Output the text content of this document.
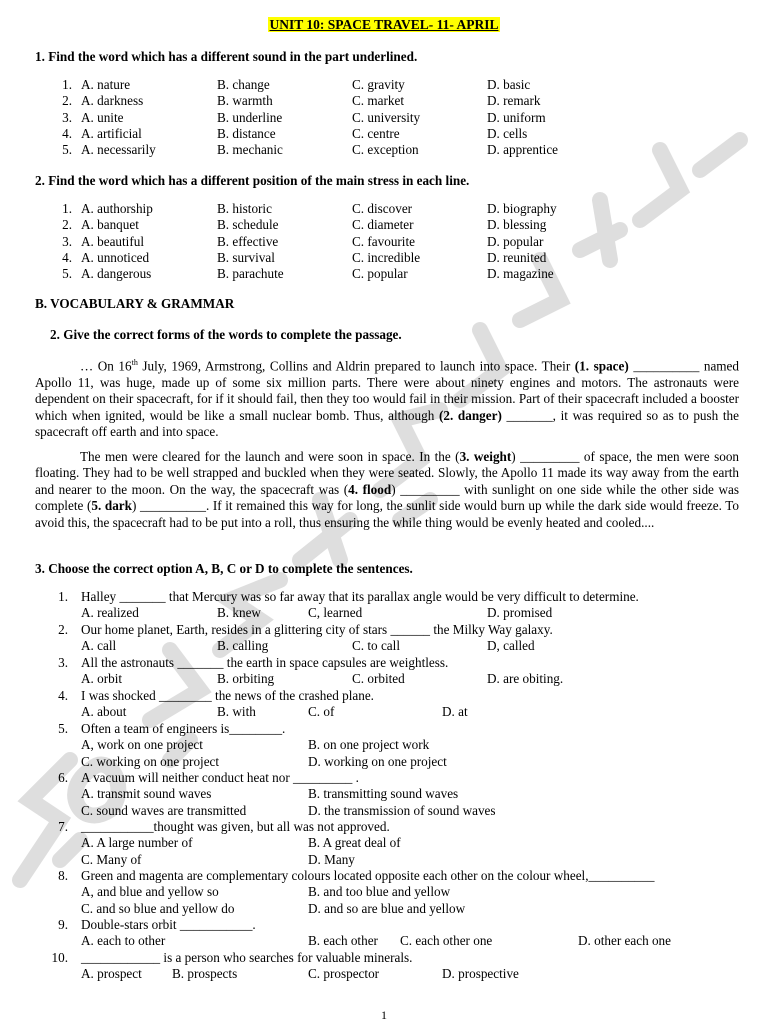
UNIT 10: SPACE TRAVEL- 11- APRIL
1. Find the word which has a different sound in the part underlined.
1. A. nature	B. change	C. gravity	D. basic
2. A. darkness	B. warmth	C. market	D. remark
3. A. unite	B. underline	C. university	D. uniform
4. A. artificial	B. distance	C. centre	D. cells
5. A. necessarily	B. mechanic	C. exception	D. apprentice
2. Find the word which has a different position of the main stress in each line.
1. A. authorship	B. historic	C. discover	D. biography
2. A. banquet	B. schedule	C. diameter	D. blessing
3. A. beautiful	B. effective	C. favourite	D. popular
4. A. unnoticed	B. survival	C. incredible	D. reunited
5. A. dangerous	B. parachute	C. popular	D. magazine
B. VOCABULARY & GRAMMAR
2. Give the correct forms of the words to complete the passage.

… On 16th July, 1969, Armstrong, Collins and Aldrin prepared to launch into space. Their (1. space) __________ named Apollo 11, was huge, made up of some six million parts. There were about ninety engines and motors. The astronauts were dependent on their spacecraft, for if it should fail, then they too would fail in their mission. Part of their spacecraft included a booster which when ignited, would be like a small nuclear bomb. Thus, although (2. danger) _______, it was required so as to push the spacecraft off earth and into space.

The men were cleared for the launch and were soon in space. In the (3. weight) _________ of space, the men were soon floating. They had to be well strapped and buckled when they were seated. Slowly, the Apollo 11 made its way away from the earth and nearer to the moon. On the way, the spacecraft was (4. flood) _________ with sunlight on one side while the other side was complete (5. dark) __________. If it remained this way for long, the sunlit side would burn up while the dark side would freeze. To avoid this, the spacecraft had to be put into a roll, thus ensuring the while thing would be evenly heated and cooled....

3. Choose the correct option A, B, C or D to complete the sentences.
1. Halley _______ that Mercury was so far away that its parallax angle would be very difficult to determine.
A. realized	B. knew	C, learned	D. promised
2. Our home planet, Earth, resides in a glittering city of stars ______ the Milky Way galaxy.
A. call	B. calling	C. to call	D, called
3. All the astronauts _______ the earth in space capsules are weightless.
A. orbit	B. orbiting	C. orbited	D. are obiting.
4. I was shocked ________ the news of the crashed plane.
A. about	B. with	C. of	D. at
5. Often a team of engineers is________.
A, work on one project	B. on one project work
C. working on one project	D. working on one project
6. A vacuum will neither conduct heat nor _________ .
A. transmit sound waves	B. transmitting sound waves
C. sound waves are transmitted	D. the transmission of sound waves
7. ___________thought was given, but all was not approved.
A. A large number of	B. A great deal of
C. Many of	D. Many
8. Green and magenta are complementary colours located opposite each other on the colour wheel,__________
A, and blue and yellow so	B. and too blue and yellow
C. and so blue and yellow do	D. and so are blue and yellow
9. Double-stars orbit ___________.
A. each to other	B. each other C. each other one	D. other each one
10. ____________ is a person who searches for valuable minerals.
A. prospect B. prospects	C. prospector	D. prospective
1
